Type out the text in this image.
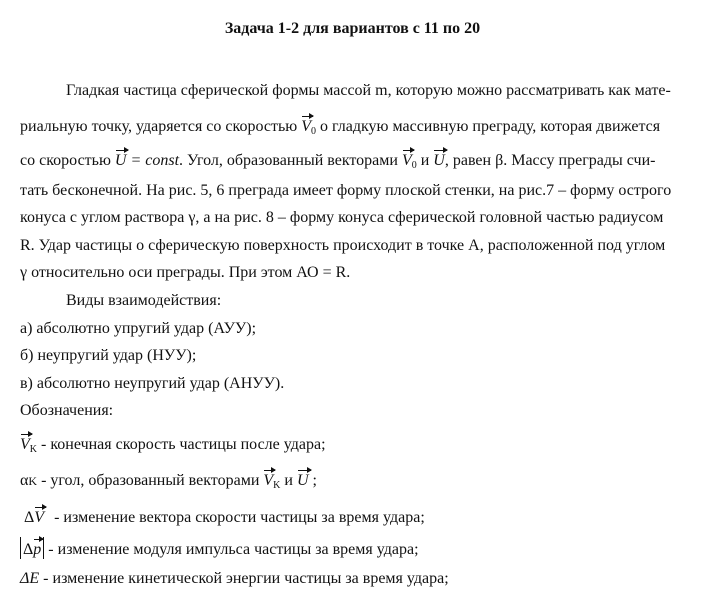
Задача 1-2 для вариантов с 11 по 20
Гладкая частица сферической формы массой m, которую можно рассматривать как мате-
риальную точку, ударяется со скоростью $V_0$ о гладкую массивную преграду, которая движется
со скоростью U = const. Угол, образованный векторами $V_0$ и U, равен β. Массу преграды счи-
тать бесконечной. На рис. 5, 6 преграда имеет форму плоской стенки, на рис.7 – форму острого
конуса с углом раствора γ, а на рис. 8 – форму конуса сферической головной частью радиусом
R. Удар частицы о сферическую поверхность происходит в точке А, расположенной под углом
γ относительно оси преграды. При этом АО = R.
Виды взаимодействия:
а) абсолютно упругий удар (АУУ);
б) неупругий удар (НУУ);
в) абсолютно неупругий удар (АНУУ).
Обозначения:
$V_K$ - конечная скорость частицы после удара;
αK - угол, образованный векторами $V_K$ и U ;
ΔV - изменение вектора скорости частицы за время удара;
Δp - изменение модуля импульса частицы за время удара;
ΔE - изменение кинетической энергии частицы за время удара;
